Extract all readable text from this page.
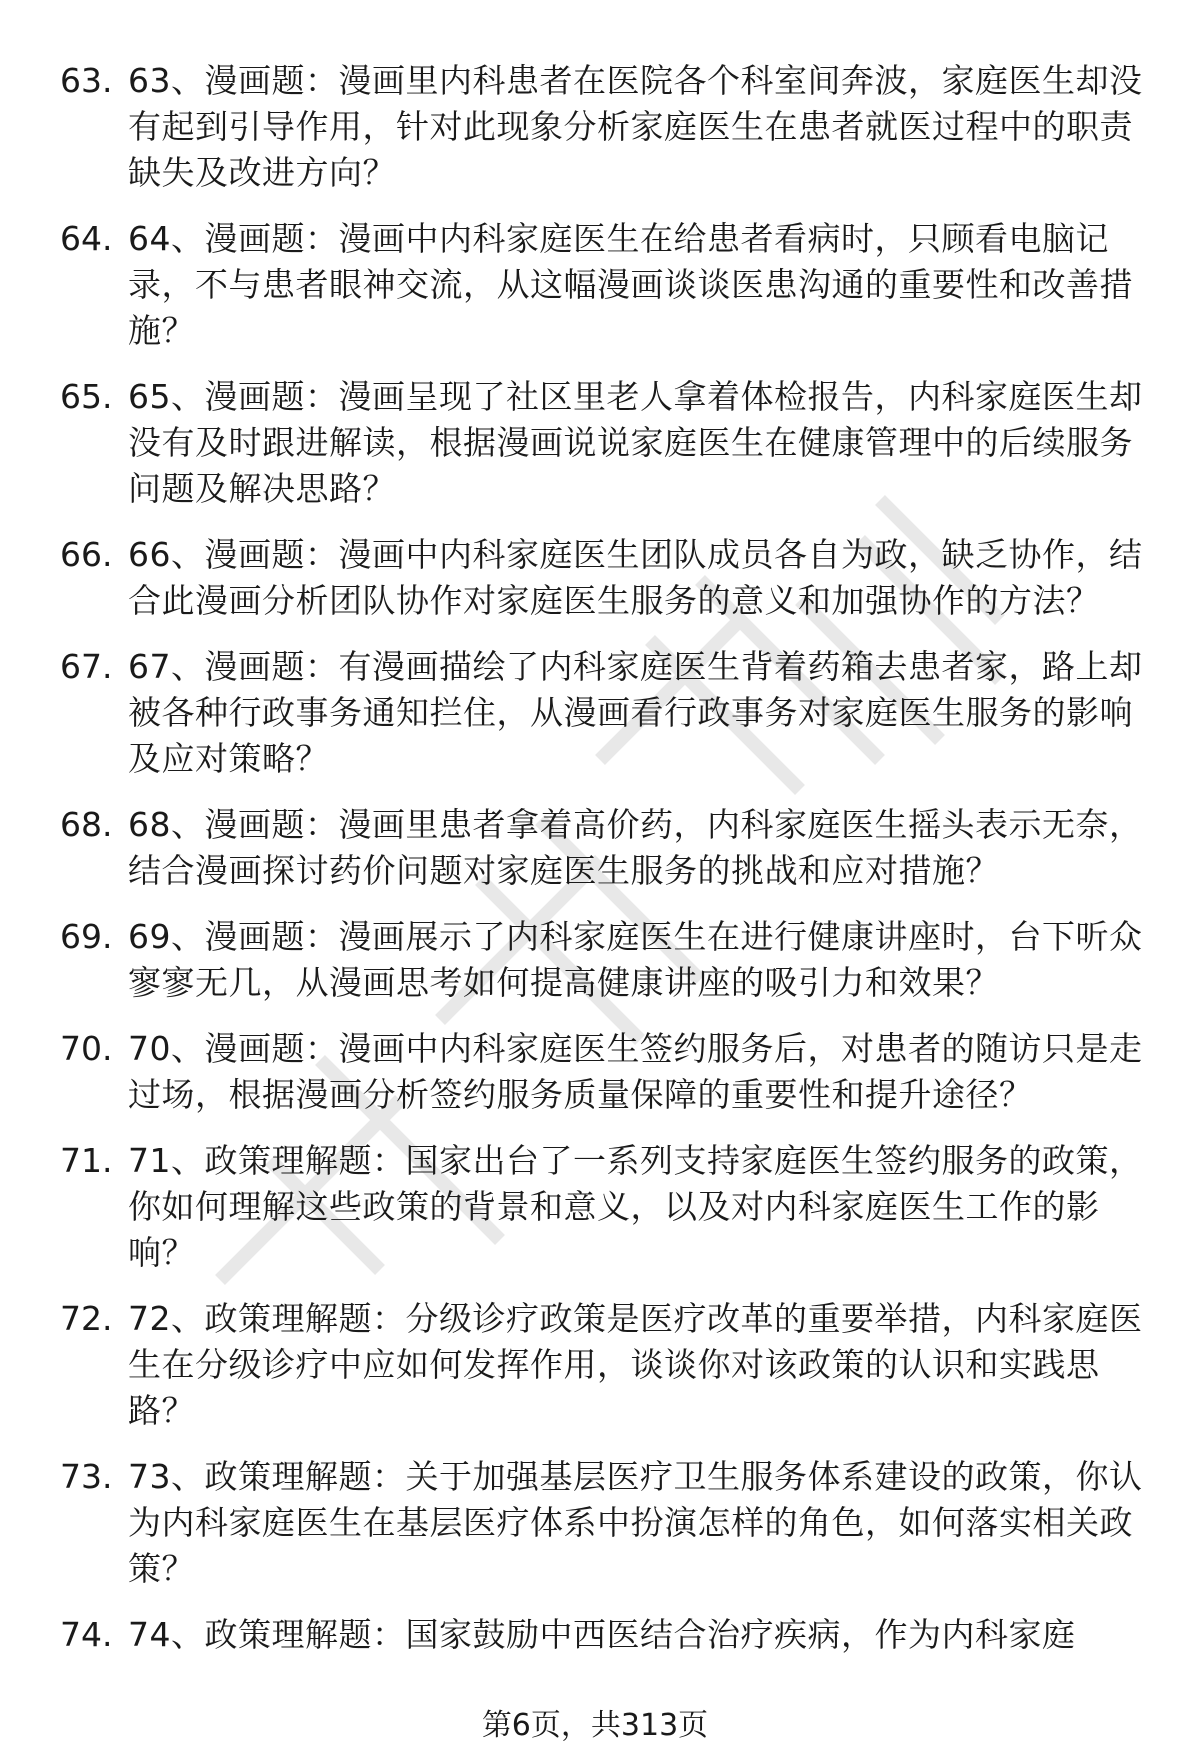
63. 63、漫画题：漫画里内科患者在医院各个科室间奔波，家庭医生却没有起到引导作用，针对此现象分析家庭医生在患者就医过程中的职责缺失及改进方向？
64. 64、漫画题：漫画中内科家庭医生在给患者看病时，只顾看电脑记录，不与患者眼神交流，从这幅漫画谈谈医患沟通的重要性和改善措施？
65. 65、漫画题：漫画呈现了社区里老人拿着体检报告，内科家庭医生却没有及时跟进解读，根据漫画说说家庭医生在健康管理中的后续服务问题及解决思路？
66. 66、漫画题：漫画中内科家庭医生团队成员各自为政，缺乏协作，结合此漫画分析团队协作对家庭医生服务的意义和加强协作的方法？
67. 67、漫画题：有漫画描绘了内科家庭医生背着药箱去患者家，路上却被各种行政事务通知拦住，从漫画看行政事务对家庭医生服务的影响及应对策略？
68. 68、漫画题：漫画里患者拿着高价药，内科家庭医生摇头表示无奈，结合漫画探讨药价问题对家庭医生服务的挑战和应对措施？
69. 69、漫画题：漫画展示了内科家庭医生在进行健康讲座时，台下听众寥寥无几，从漫画思考如何提高健康讲座的吸引力和效果？
70. 70、漫画题：漫画中内科家庭医生签约服务后，对患者的随访只是走过场，根据漫画分析签约服务质量保障的重要性和提升途径？
71. 71、政策理解题：国家出台了一系列支持家庭医生签约服务的政策，你如何理解这些政策的背景和意义，以及对内科家庭医生工作的影响？
72. 72、政策理解题：分级诊疗政策是医疗改革的重要举措，内科家庭医生在分级诊疗中应如何发挥作用，谈谈你对该政策的认识和实践思路？
73. 73、政策理解题：关于加强基层医疗卫生服务体系建设的政策，你认为内科家庭医生在基层医疗体系中扮演怎样的角色，如何落实相关政策？
74. 74、政策理解题：国家鼓励中西医结合治疗疾病，作为内科家庭
第6页，共313页
